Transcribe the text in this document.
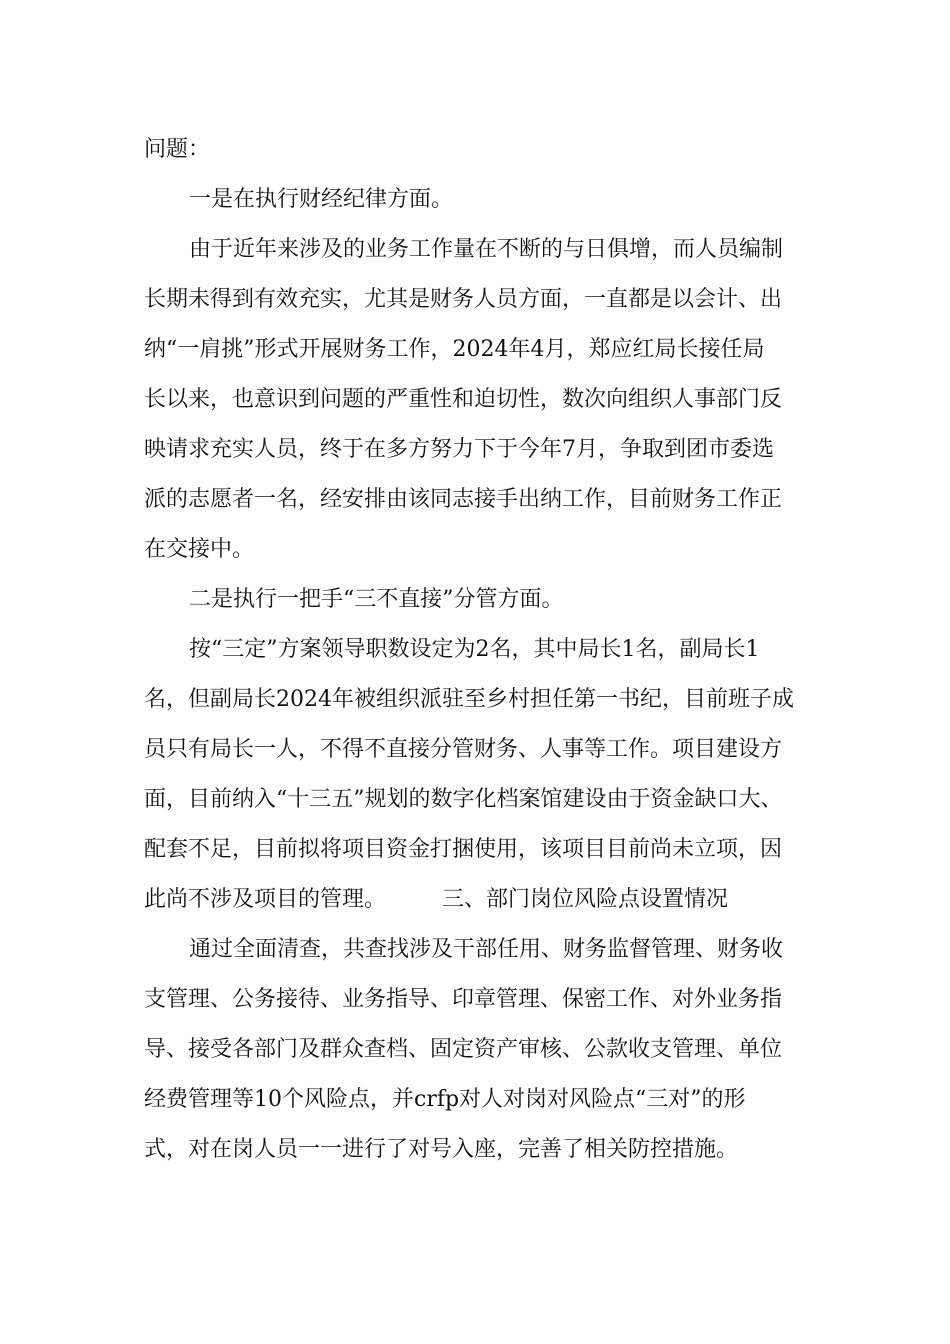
问题：
一是在执行财经纪律方面。
由于近年来涉及的业务工作量在不断的与日俱增，而人员编制
长期未得到有效充实，尤其是财务人员方面，一直都是以会计、出
纳“一肩挑”形式开展财务工作，2024年4月，郑应红局长接任局
长以来，也意识到问题的严重性和迫切性，数次向组织人事部门反
映请求充实人员，终于在多方努力下于今年7月，争取到团市委选
派的志愿者一名，经安排由该同志接手出纳工作，目前财务工作正
在交接中。
二是执行一把手“三不直接”分管方面。
按“三定”方案领导职数设定为2名，其中局长1名，副局长1
名，但副局长2024年被组织派驻至乡村担任第一书纪，目前班子成
员只有局长一人，不得不直接分管财务、人事等工作。项目建设方
面，目前纳入“十三五”规划的数字化档案馆建设由于资金缺口大、
配套不足，目前拟将项目资金打捆使用，该项目目前尚未立项，因
此尚不涉及项目的管理。        三、部门岗位风险点设置情况
通过全面清查，共查找涉及干部任用、财务监督管理、财务收
支管理、公务接待、业务指导、印章管理、保密工作、对外业务指
导、接受各部门及群众查档、固定资产审核、公款收支管理、单位
经费管理等10个风险点，并crfp对人对岗对风险点“三对”的形
式，对在岗人员一一进行了对号入座，完善了相关防控措施。
